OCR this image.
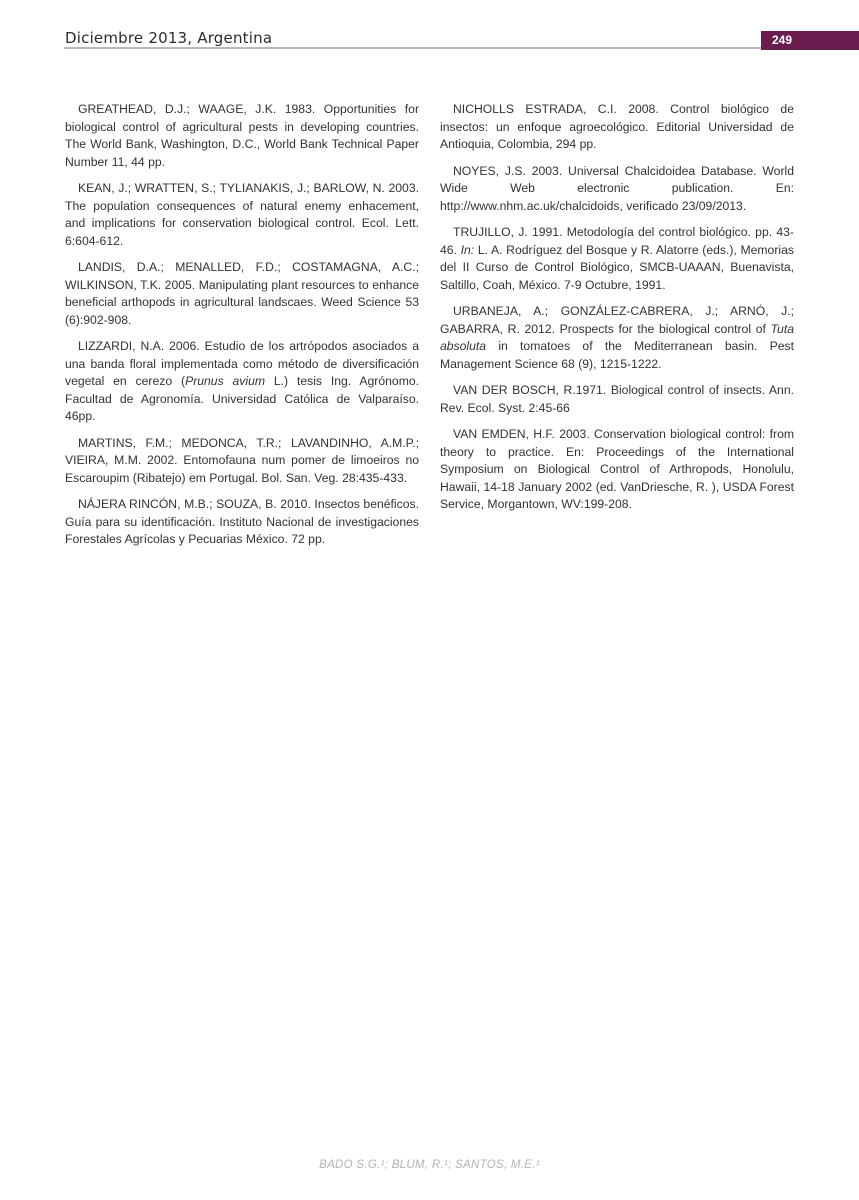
Diciembre 2013, Argentina	249

GREATHEAD, D.J.; WAAGE, J.K. 1983. Opportunities for biological control of agricultural pests in developing countries. The World Bank, Washington, D.C., World Bank Technical Paper Number 11, 44 pp.

KEAN, J.; WRATTEN, S.; TYLIANAKIS, J.; BARLOW, N. 2003. The population consequences of natural enemy enhacement, and implications for conservation biological control. Ecol. Lett. 6:604-612.

LANDIS, D.A.; MENALLED, F.D.; COSTAMAGNA, A.C.; WILKINSON, T.K. 2005. Manipulating plant resources to enhance beneficial arthopods in agricultural landscaes. Weed Science 53 (6):902-908.

LIZZARDI, N.A. 2006. Estudio de los artrópodos asociados a una banda floral implementada como método de diversificación vegetal en cerezo (Prunus avium L.) tesis Ing. Agrónomo. Facultad de Agronomía. Universidad Católica de Valparaíso. 46pp.

MARTINS, F.M.; MEDONCA, T.R.; LAVANDINHO, A.M.P.; VIEIRA, M.M. 2002. Entomofauna num pomer de limoeiros no Escaroupim (Ribatejo) em Portugal. Bol. San. Veg. 28:435-433.

NÁJERA RINCÓN, M.B.; SOUZA, B. 2010. Insectos benéficos. Guía para su identificación. Instituto Nacional de investigaciones Forestales Agrícolas y Pecuarias México. 72 pp.

NICHOLLS ESTRADA, C.I. 2008. Control biológico de insectos: un enfoque agroecológico. Editorial Universidad de Antioquia, Colombia, 294 pp.

NOYES, J.S. 2003. Universal Chalcidoidea Database. World Wide Web electronic publication. En: http://www.nhm.ac.uk/chalcidoids, verificado 23/09/2013.

TRUJILLO, J. 1991. Metodología del control biológico. pp. 43-46. In: L. A. Rodríguez del Bosque y R. Alatorre (eds.), Memorias del II Curso de Control Biológico, SMCB-UAAAN, Buenavista, Saltillo, Coah, México. 7-9 Octubre, 1991.

URBANEJA, A.; GONZÁLEZ-CABRERA, J.; ARNÓ, J.; GABARRA, R. 2012. Prospects for the biological control of Tuta absoluta in tomatoes of the Mediterranean basin. Pest Management Science 68 (9), 1215-1222.

VAN DER BOSCH, R.1971. Biological control of insects. Ann. Rev. Ecol. Syst. 2:45-66

VAN EMDEN, H.F. 2003. Conservation biological control: from theory to practice. En: Proceedings of the International Symposium on Biological Control of Arthropods, Honolulu, Hawaii, 14-18 January 2002 (ed. VanDriesche, R. ), USDA Forest Service, Morgantown, WV:199-208.

BADO S.G.¹; BLUM, R.¹; SANTOS, M.E.¹
